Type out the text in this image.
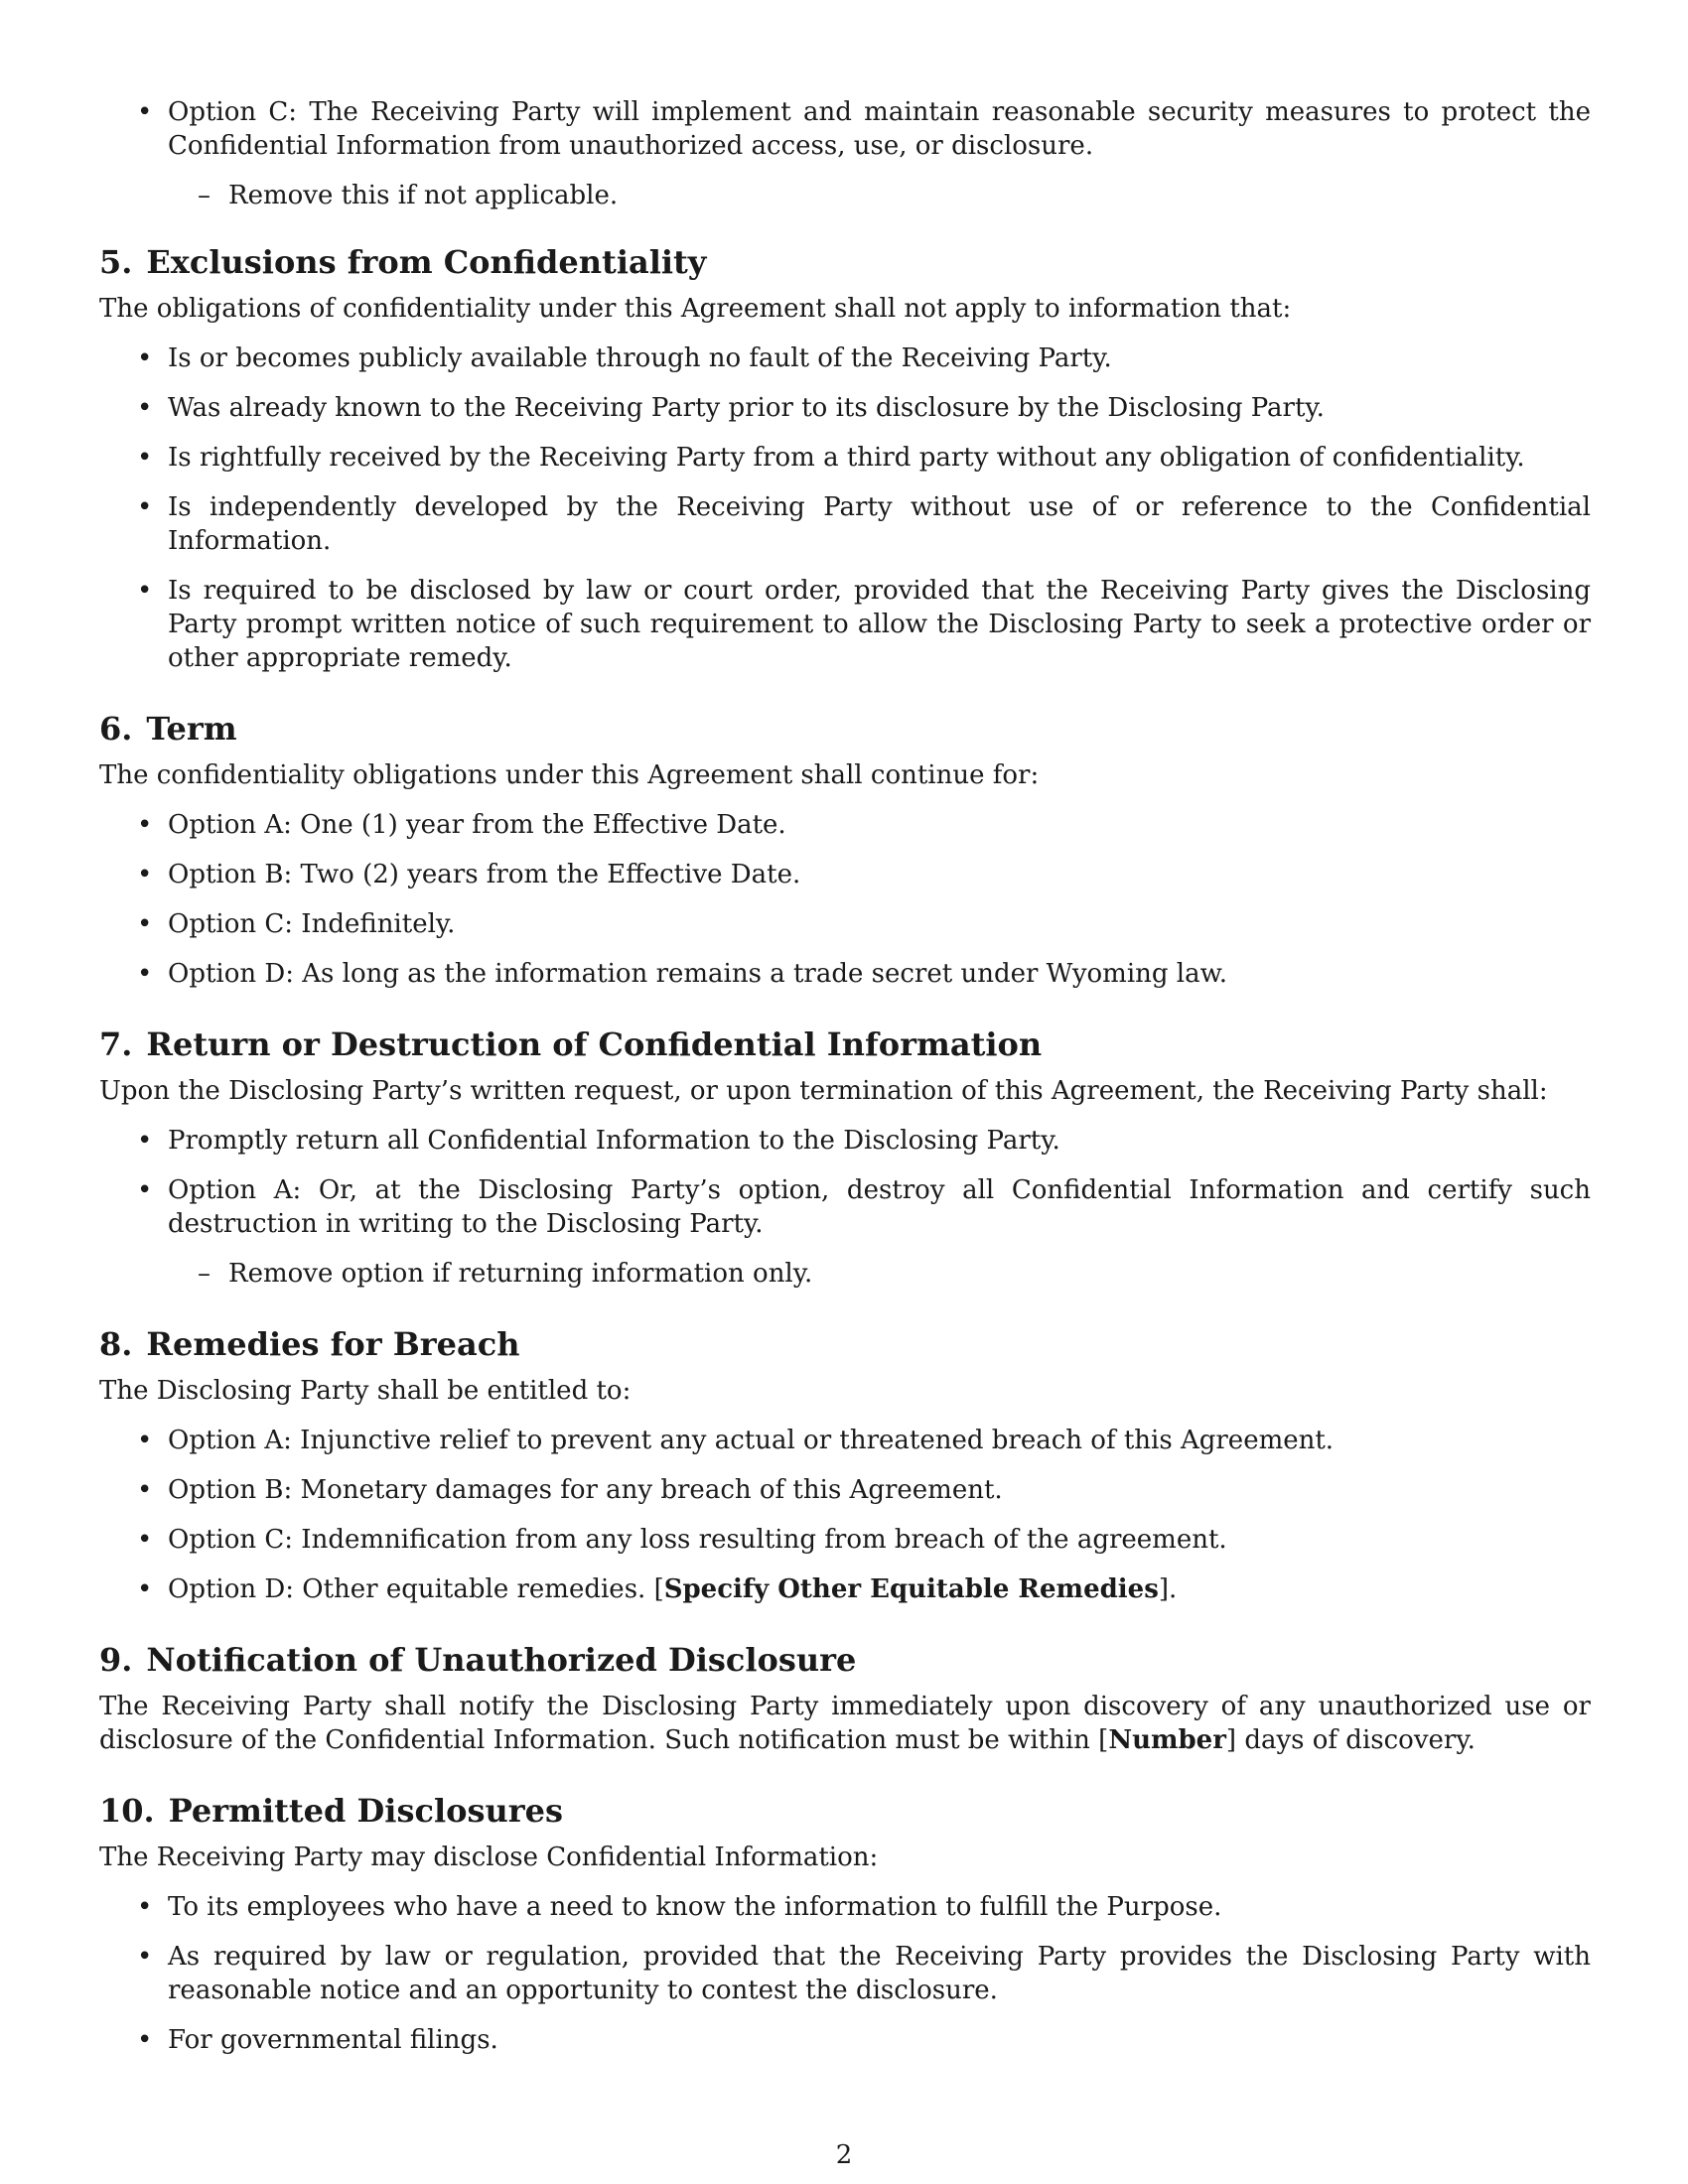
• Option C: The Receiving Party will implement and maintain reasonable security measures to protect the Confidential Information from unauthorized access, use, or disclosure.
– Remove this if not applicable.
5. Exclusions from Confidentiality

The obligations of confidentiality under this Agreement shall not apply to information that:

• Is or becomes publicly available through no fault of the Receiving Party.
• Was already known to the Receiving Party prior to its disclosure by the Disclosing Party.
• Is rightfully received by the Receiving Party from a third party without any obligation of confidentiality.
• Is independently developed by the Receiving Party without use of or reference to the Confidential Information.
• Is required to be disclosed by law or court order, provided that the Receiving Party gives the Disclosing Party prompt written notice of such requirement to allow the Disclosing Party to seek a protective order or other appropriate remedy.
6. Term

The confidentiality obligations under this Agreement shall continue for:

• Option A: One (1) year from the Effective Date.
• Option B: Two (2) years from the Effective Date.
• Option C: Indefinitely.
• Option D: As long as the information remains a trade secret under Wyoming law.
7. Return or Destruction of Confidential Information

Upon the Disclosing Party’s written request, or upon termination of this Agreement, the Receiving Party shall:

• Promptly return all Confidential Information to the Disclosing Party.
• Option A: Or, at the Disclosing Party’s option, destroy all Confidential Information and certify such destruction in writing to the Disclosing Party.
– Remove option if returning information only.
8. Remedies for Breach

The Disclosing Party shall be entitled to:

• Option A: Injunctive relief to prevent any actual or threatened breach of this Agreement.
• Option B: Monetary damages for any breach of this Agreement.
• Option C: Indemnification from any loss resulting from breach of the agreement.
• Option D: Other equitable remedies. [Specify Other Equitable Remedies].
9. Notification of Unauthorized Disclosure

The Receiving Party shall notify the Disclosing Party immediately upon discovery of any unauthorized use or disclosure of the Confidential Information. Such notification must be within [Number] days of discovery.

10. Permitted Disclosures

The Receiving Party may disclose Confidential Information:

• To its employees who have a need to know the information to fulfill the Purpose.
• As required by law or regulation, provided that the Receiving Party provides the Disclosing Party with reasonable notice and an opportunity to contest the disclosure.
• For governmental filings.
2
